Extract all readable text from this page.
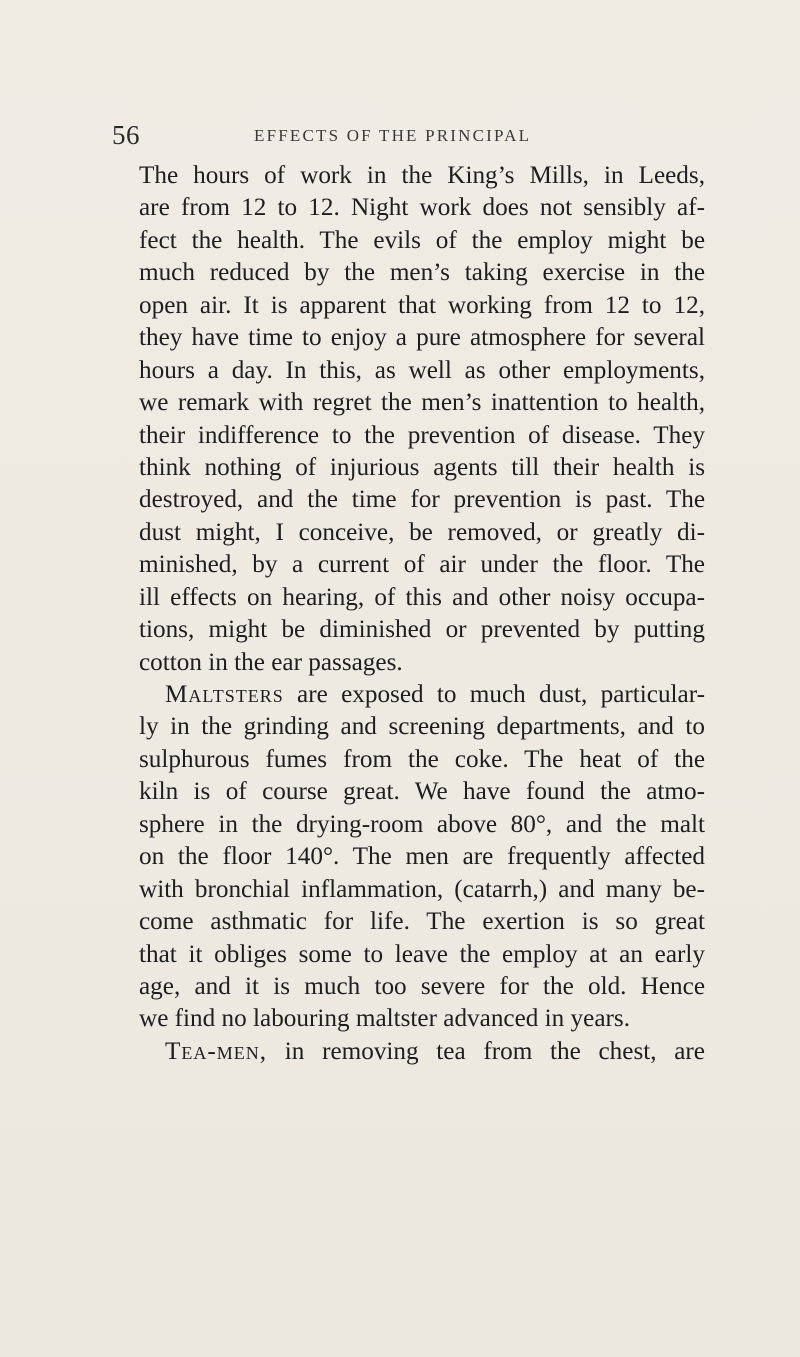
56	EFFECTS OF THE PRINCIPAL
The hours of work in the King’s Mills, in Leeds,
are from 12 to 12. Night work does not sensibly af-
fect the health. The evils of the employ might be
much reduced by the men’s taking exercise in the
open air. It is apparent that working from 12 to 12,
they have time to enjoy a pure atmosphere for several
hours a day. In this, as well as other employments,
we remark with regret the men’s inattention to health,
their indifference to the prevention of disease. They
think nothing of injurious agents till their health is
destroyed, and the time for prevention is past. The
dust might, I conceive, be removed, or greatly di-
minished, by a current of air under the floor. The
ill effects on hearing, of this and other noisy occupa-
tions, might be diminished or prevented by putting
cotton in the ear passages.
Maltsters are exposed to much dust, particular-
ly in the grinding and screening departments, and to
sulphurous fumes from the coke. The heat of the
kiln is of course great. We have found the atmo-
sphere in the drying-room above 80°, and the malt
on the floor 140°. The men are frequently affected
with bronchial inflammation, (catarrh,) and many be-
come asthmatic for life. The exertion is so great
that it obliges some to leave the employ at an early
age, and it is much too severe for the old. Hence
we find no labouring maltster advanced in years.
Tea-men, in removing tea from the chest, are
